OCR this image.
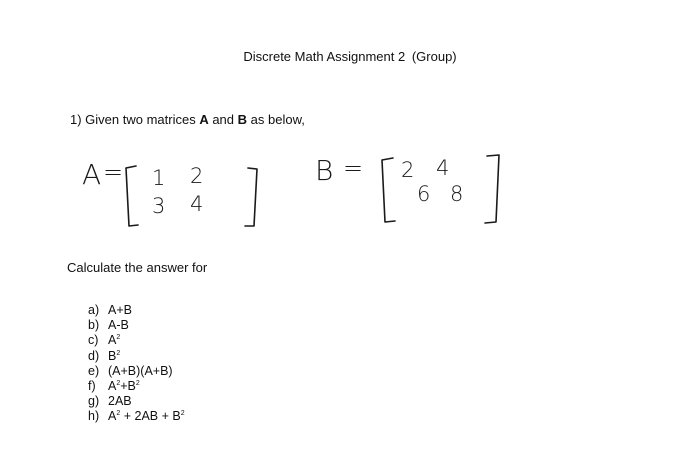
Discrete Math Assignment 2 (Group)
1) Given two matrices A and B as below,
A = 1 2
3 4
B = 2 4
6 8
Calculate the answer for
a) A+B
b) A-B
c) $A^2$
d) $B^2$
e) (A+B)(A+B)
f) $A^2+B^2$
g) 2AB
h) $A^2 + 2AB + B^2$
